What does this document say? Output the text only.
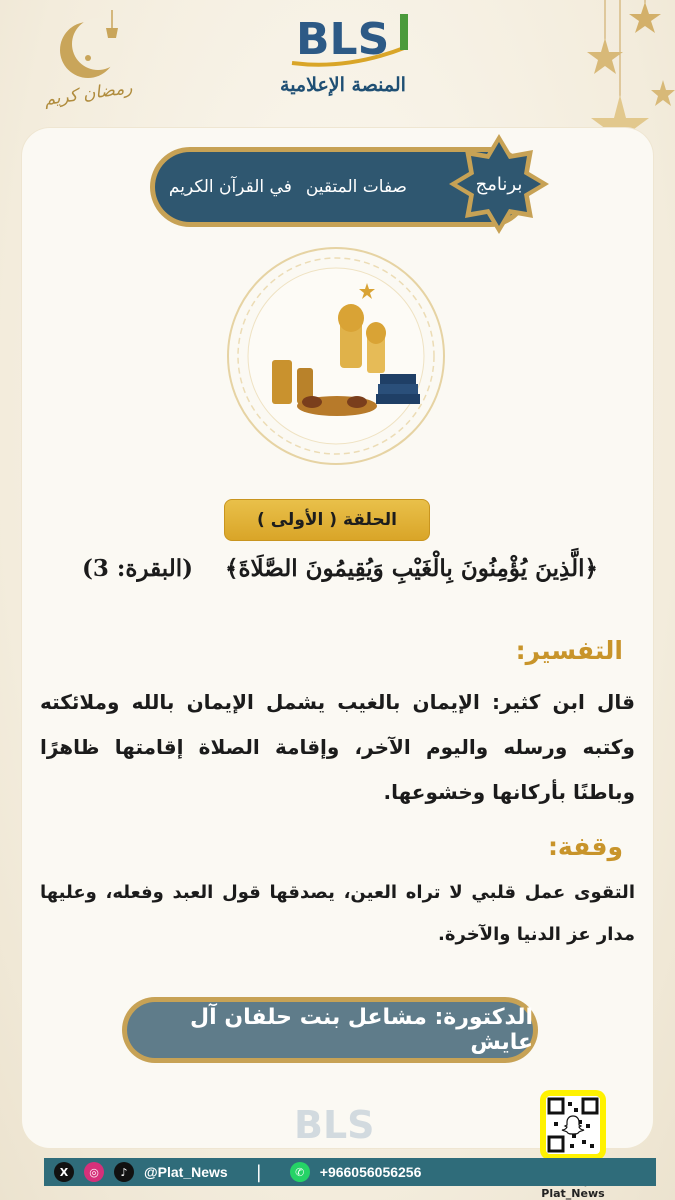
رمضان كريم
BLS
المنصة الإعلامية
صفات المتقين
في القرآن الكريم	برنامج
الحلقة ( الأولى )
﴿الَّذِينَ يُؤْمِنُونَ بِالْغَيْبِ وَيُقِيمُونَ الصَّلَاةَ﴾    (البقرة: 3)
التفسير:
قال ابن كثير: الإيمان بالغيب يشمل الإيمان بالله وملائكته وكتبه ورسله واليوم الآخر، وإقامة الصلاة إقامتها ظاهرًا وباطنًا بأركانها وخشوعها.
وقفة:
التقوى عمل قلبي لا تراه العين، يصدقها قول العبد وفعله، وعليها مدار عز الدنيا والآخرة.
الدكتورة: مشاعل بنت حلفان آل عايش
BLS
Plat_News
X	◎	♪	@Plat_News |	✆	+966056056256
